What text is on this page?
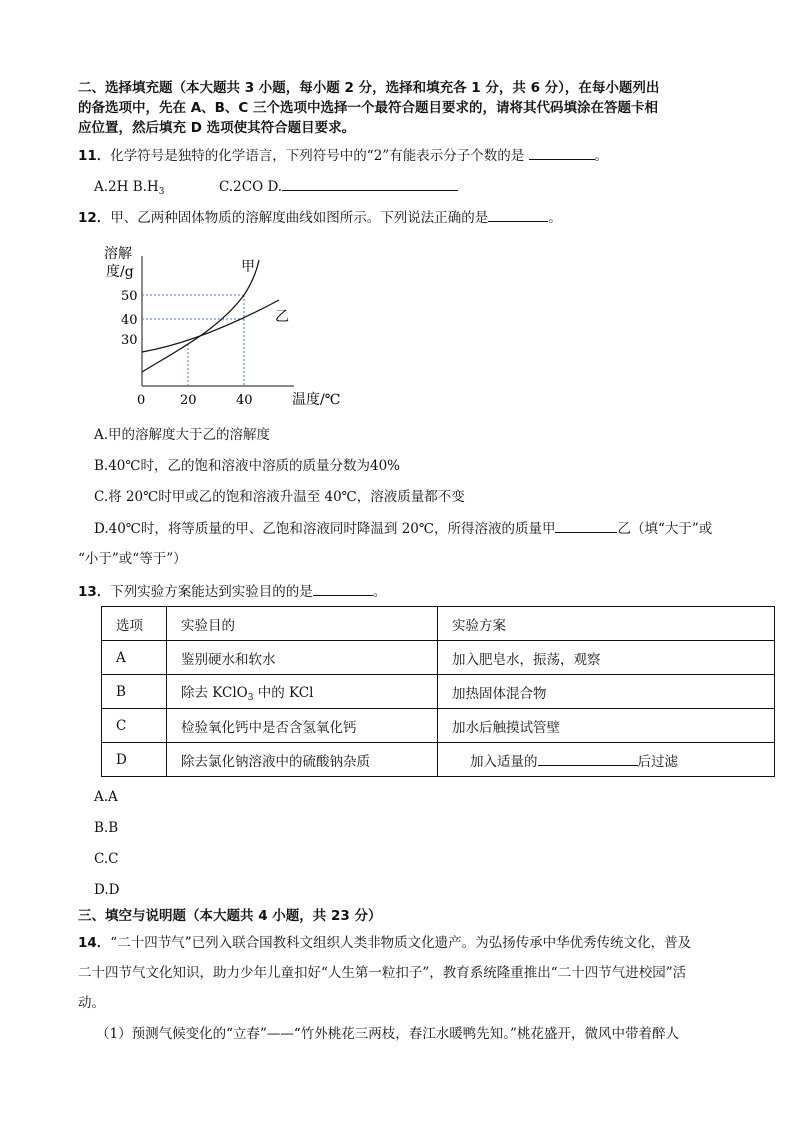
二、选择填充题（本大题共 3 小题，每小题 2 分，选择和填充各 1 分，共 6 分），在每小题列出
的备选项中，先在 A、B、C 三个选项中选择一个最符合题目要求的，请将其代码填涂在答题卡相
应位置，然后填充 D 选项使其符合题目要求。
11．化学符号是独特的化学语言，下列符号中的“2”有能表示分子个数的是	。
A.2H $B.H_3$	C.2CO D.
12．甲、乙两种固体物质的溶解度曲线如图所示。下列说法正确的是	。
溶解
度/g
50
40
30
0	20	40	温度/℃
甲
乙
A.甲的溶解度大于乙的溶解度
B.40℃时，乙的饱和溶液中溶质的质量分数为40%
C.将 20℃时甲或乙的饱和溶液升温至 40℃，溶液质量都不变
D.40℃时，将等质量的甲、乙饱和溶液同时降温到 20℃，所得溶液的质量甲	乙（填“大于”或
“小于”或“等于”）
13．下列实验方案能达到实验目的的是	。
选项	实验目的	实验方案
A	鉴别硬水和软水	加入肥皂水，振荡，观察
B	除去 KClO$_3$ 中的 KCl	加热固体混合物
C	检验氧化钙中是否含氢氧化钙	加水后触摸试管壁
D	除去氯化钠溶液中的硫酸钠杂质	加入适量的 后过滤
A.A
B.B
C.C
D.D
三、填空与说明题（本大题共 4 小题，共 23 分）
14．“二十四节气”已列入联合国教科文组织人类非物质文化遗产。为弘扬传承中华优秀传统文化，普及
二十四节气文化知识，助力少年儿童扣好“人生第一粒扣子”，教育系统隆重推出“二十四节气进校园”活
动。
（1）预测气候变化的“立春”——“竹外桃花三两枝，春江水暖鸭先知。”桃花盛开，微风中带着醉人
